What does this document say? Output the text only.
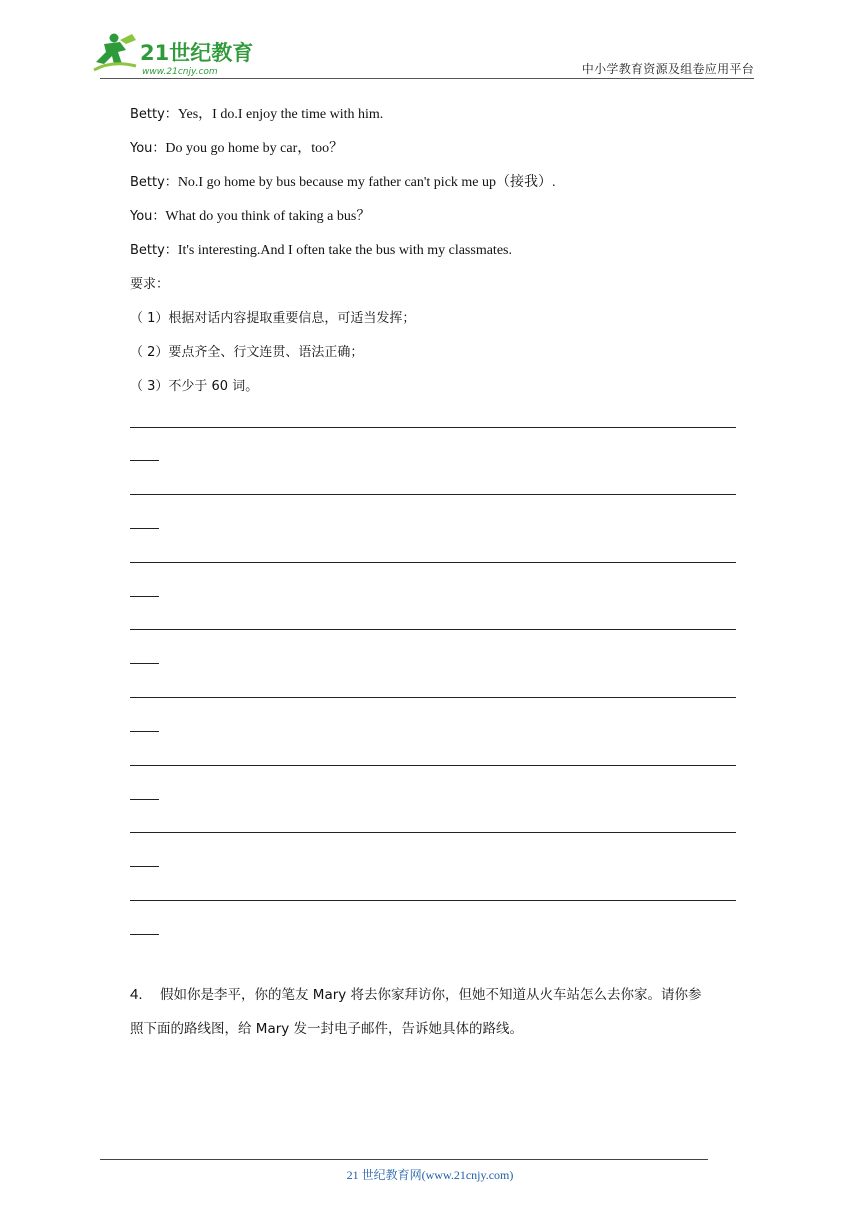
21世纪教育
www.21cnjy.com	中小学教育资源及组卷应用平台
Betty：Yes，I do.I enjoy the time with him.
You：Do you go home by car，too？
Betty：No.I go home by bus because my father can't pick me up（接我）.
You：What do you think of taking a bus？
Betty：It's interesting.And I often take the bus with my classmates.
要求：
（ 1）根据对话内容提取重要信息，可适当发挥；
（ 2）要点齐全、行文连贯、语法正确；
（ 3）不少于 60 词。
4. 假如你是李平，你的笔友 Mary 将去你家拜访你，但她不知道从火车站怎么去你家。请你参
照下面的路线图，给 Mary 发一封电子邮件，告诉她具体的路线。
21 世纪教育网(www.21cnjy.com)
